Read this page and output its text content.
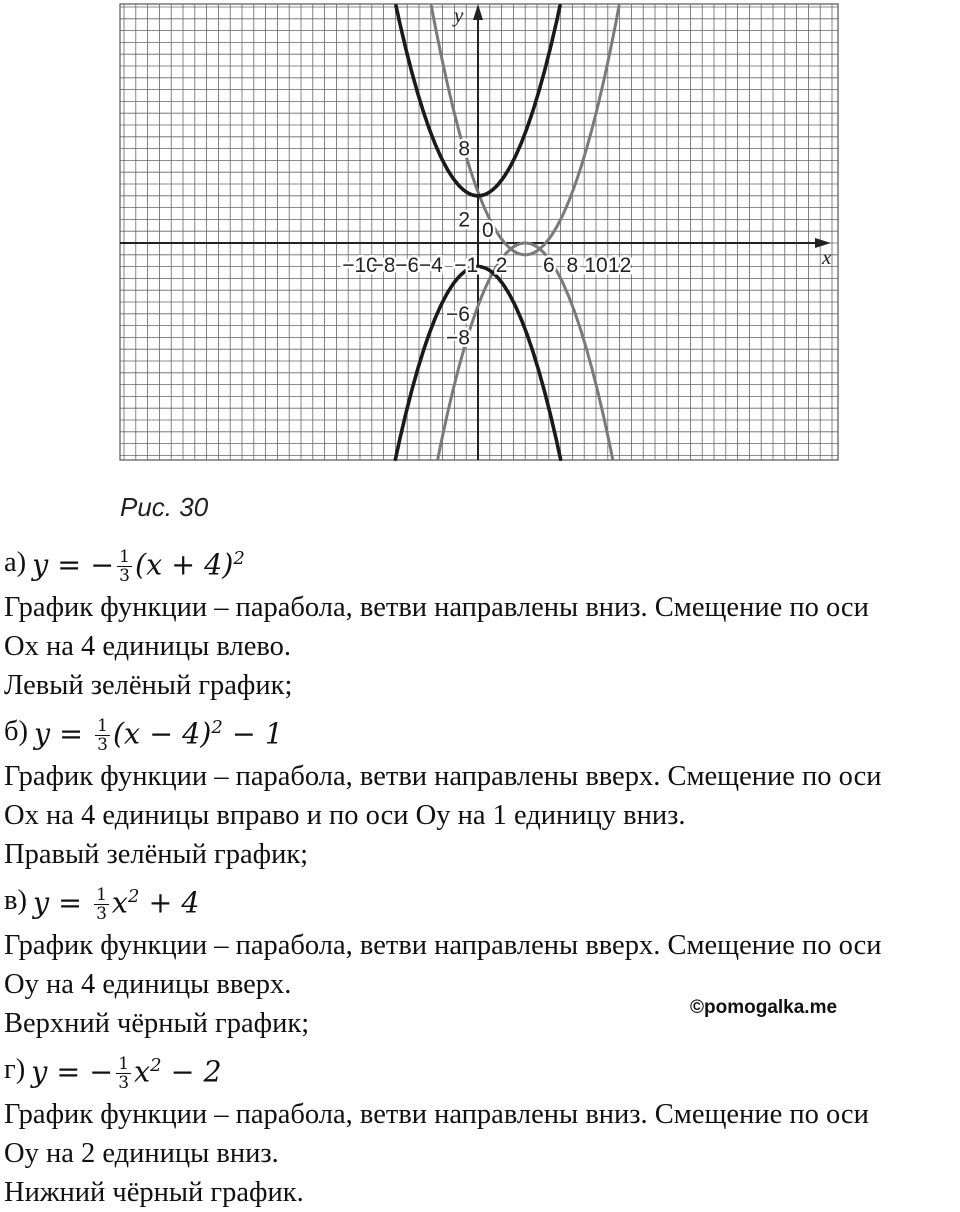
−10
−8 −6 −4 −1 2 6 8 10 12
8
2
−6
−8
0
x
y
Рис. 30
а) y = − $\frac{1}{3} (x + 4)^2$
График функции – парабола, ветви направлены вниз. Смещение по оси
Ox на 4 единицы влево.
Левый зелёный график;
б) $y = \frac{1}{3} (x - 4)^2 - 1$
График функции – парабола, ветви направлены вверх. Смещение по оси
Ox на 4 единицы вправо и по оси Oy на 1 единицу вниз.
Правый зелёный график;
в) $y = \frac{1}{3} x^2 + 4$
График функции – парабола, ветви направлены вверх. Смещение по оси
Oy на 4 единицы вверх.
Верхний чёрный график;
г) y = − $\frac{1}{3} x^2 - 2$
График функции – парабола, ветви направлены вниз. Смещение по оси
Oy на 2 единицы вниз.
Нижний чёрный график.
©pomogalka.me
